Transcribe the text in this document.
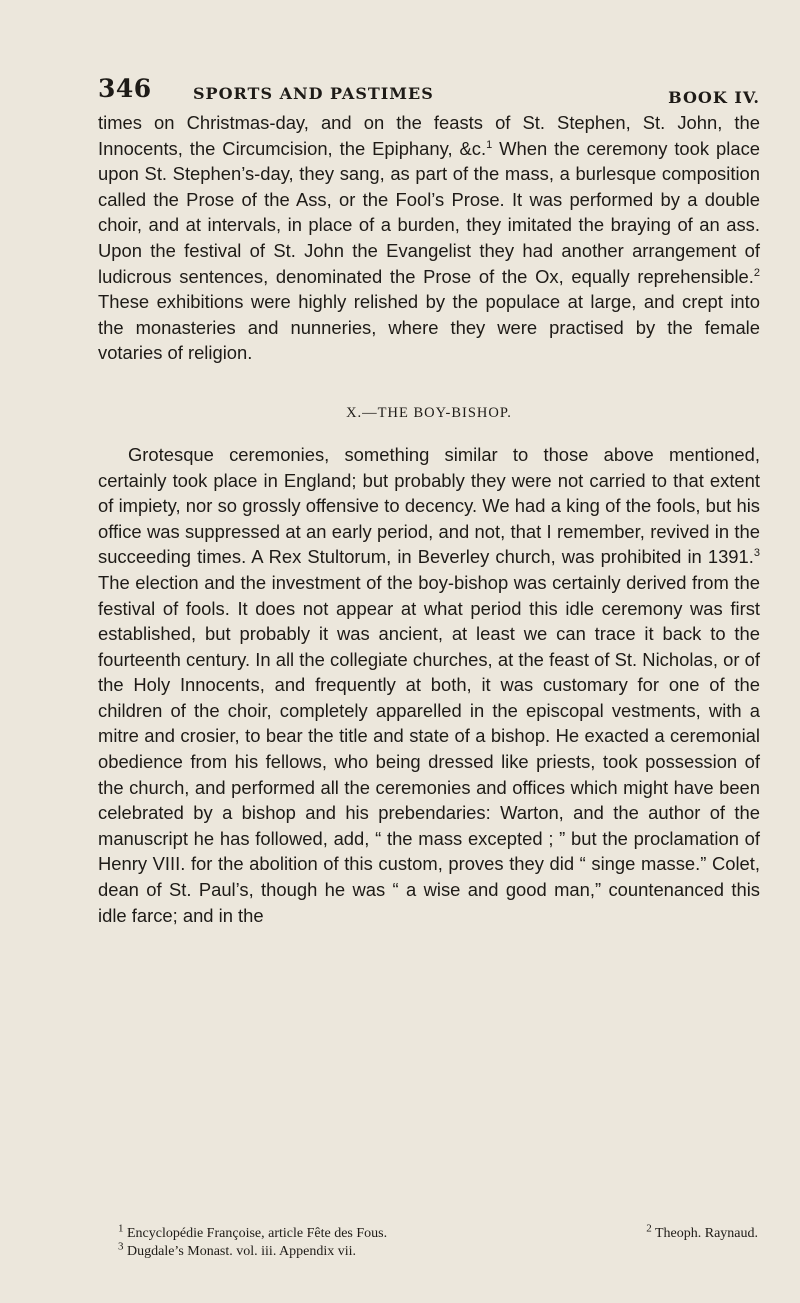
346	SPORTS AND PASTIMES	BOOK IV.

times on Christmas-day, and on the feasts of St. Stephen, St. John, the Innocents, the Circumcision, the Epiphany, &c.$^1$ When the ceremony took place upon St. Stephen’s-day, they sang, as part of the mass, a burlesque composition called the Prose of the Ass, or the Fool’s Prose. It was performed by a double choir, and at intervals, in place of a burden, they imitated the braying of an ass. Upon the festival of St. John the Evangelist they had another arrangement of ludicrous sentences, denominated the Prose of the Ox, equally reprehensible.$^2$ These exhibitions were highly relished by the populace at large, and crept into the monasteries and nunneries, where they were practised by the female votaries of religion.

X.—THE BOY-BISHOP.

Grotesque ceremonies, something similar to those above mentioned, certainly took place in England; but probably they were not carried to that extent of impiety, nor so grossly offensive to decency. We had a king of the fools, but his office was suppressed at an early period, and not, that I remember, revived in the succeeding times. A Rex Stultorum, in Beverley church, was prohibited in 1391.$^3$ The election and the investment of the boy-bishop was certainly derived from the festival of fools. It does not appear at what period this idle ceremony was first established, but probably it was ancient, at least we can trace it back to the fourteenth century. In all the collegiate churches, at the feast of St. Nicholas, or of the Holy Innocents, and frequently at both, it was customary for one of the children of the choir, completely apparelled in the episcopal vestments, with a mitre and crosier, to bear the title and state of a bishop. He exacted a ceremonial obedience from his fellows, who being dressed like priests, took possession of the church, and performed all the ceremonies and offices which might have been celebrated by a bishop and his prebendaries: Warton, and the author of the manuscript he has followed, add, “ the mass excepted ; ” but the proclamation of Henry VIII. for the abolition of this custom, proves they did “ singe masse.” Colet, dean of St. Paul’s, though he was “ a wise and good man,” countenanced this idle farce; and in the

$^1$ Encyclopédie Françoise, article Fête des Fous.	$^2$ Theoph. Raynaud.
$^3$ Dugdale’s Monast. vol. iii. Appendix vii.
